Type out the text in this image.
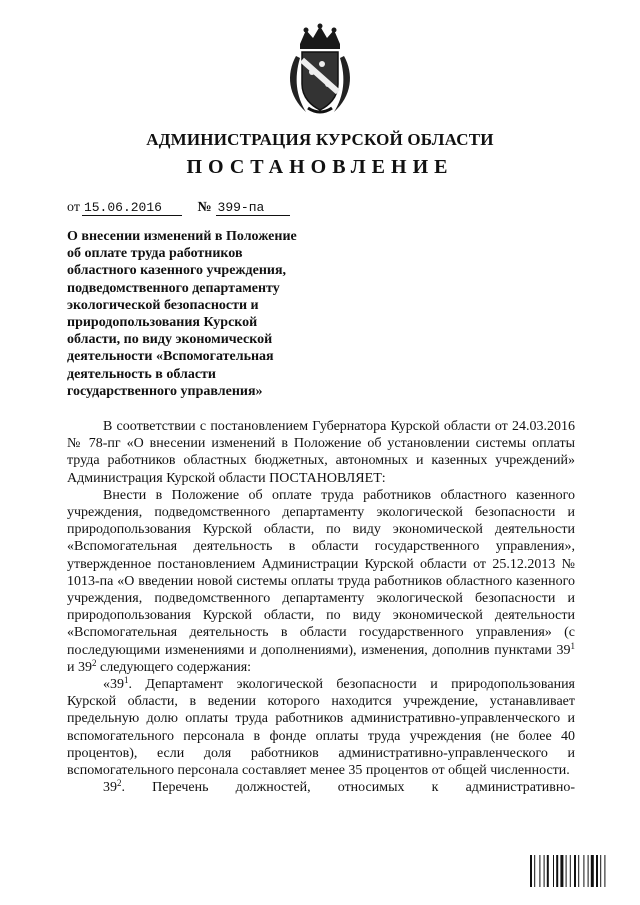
АДМИНИСТРАЦИЯ КУРСКОЙ ОБЛАСТИ
ПОСТАНОВЛЕНИЕ
от 15.06.2016	№ 399-па
О внесении изменений в Положение
об оплате труда работников
областного казенного учреждения,
подведомственного департаменту
экологической безопасности и
природопользования Курской
области, по виду экономической
деятельности «Вспомогательная
деятельность в области
государственного управления»

В соответствии с постановлением Губернатора Курской области от 24.03.2016 № 78-пг «О внесении изменений в Положение об установлении системы оплаты труда работников областных бюджетных, автономных и казенных учреждений» Администрация Курской области ПОСТАНОВЛЯЕТ:

Внести в Положение об оплате труда работников областного казенного учреждения, подведомственного департаменту экологической безопасности и природопользования Курской области, по виду экономической деятельности «Вспомогательная деятельность в области государственного управления», утвержденное постановлением Администрации Курской области от 25.12.2013 № 1013-па «О введении новой системы оплаты труда работников областного казенного учреждения, подведомственного департаменту экологической безопасности и природопользования Курской области, по виду экономической деятельности «Вспомогательная деятельность в области государственного управления» (с последующими изменениями и дополнениями), изменения, дополнив пунктами $39^1$ и $39^2$ следующего содержания:

«$39^1$. Департамент экологической безопасности и природопользования Курской области, в ведении которого находится учреждение, устанавливает предельную долю оплаты труда работников административно-управленческого и вспомогательного персонала в фонде оплаты труда учреждения (не более 40 процентов), если доля работников административно-управленческого и вспомогательного персонала составляет менее 35 процентов от общей численности.

$39^2$. Перечень должностей, относимых к административно-
